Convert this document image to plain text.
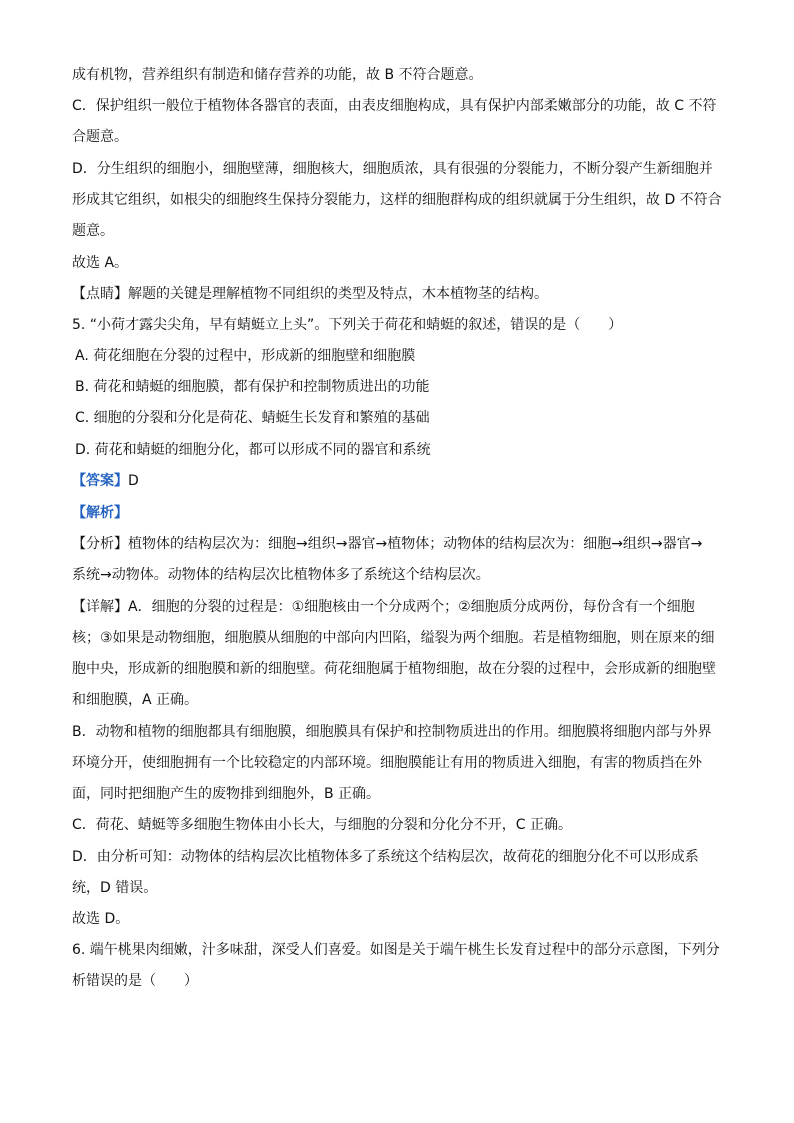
成有机物，营养组织有制造和储存营养的功能，故 B 不符合题意。
C．保护组织一般位于植物体各器官的表面，由表皮细胞构成，具有保护内部柔嫩部分的功能，故 C 不符
合题意。
D．分生组织的细胞小，细胞壁薄，细胞核大，细胞质浓，具有很强的分裂能力，不断分裂产生新细胞并
形成其它组织，如根尖的细胞终生保持分裂能力，这样的细胞群构成的组织就属于分生组织，故 D 不符合
题意。
故选 A。
【点睛】解题的关键是理解植物不同组织的类型及特点，木本植物茎的结构。
5. “小荷才露尖尖角，早有蜻蜓立上头”。下列关于荷花和蜻蜓的叙述，错误的是（　　）
A. 荷花细胞在分裂的过程中，形成新的细胞壁和细胞膜
B. 荷花和蜻蜓的细胞膜，都有保护和控制物质进出的功能
C. 细胞的分裂和分化是荷花、蜻蜓生长发育和繁殖的基础
D. 荷花和蜻蜓的细胞分化，都可以形成不同的器官和系统
【答案】D
【解析】
【分析】植物体的结构层次为：细胞→组织→器官→植物体；动物体的结构层次为：细胞→组织→器官→
系统→动物体。动物体的结构层次比植物体多了系统这个结构层次。
【详解】A．细胞的分裂的过程是：①细胞核由一个分成两个；②细胞质分成两份，每份含有一个细胞
核；③如果是动物细胞，细胞膜从细胞的中部向内凹陷，缢裂为两个细胞。若是植物细胞，则在原来的细
胞中央，形成新的细胞膜和新的细胞壁。荷花细胞属于植物细胞，故在分裂的过程中，会形成新的细胞壁
和细胞膜，A 正确。
B．动物和植物的细胞都具有细胞膜，细胞膜具有保护和控制物质进出的作用。细胞膜将细胞内部与外界
环境分开，使细胞拥有一个比较稳定的内部环境。细胞膜能让有用的物质进入细胞，有害的物质挡在外
面，同时把细胞产生的废物排到细胞外，B 正确。
C．荷花、蜻蜓等多细胞生物体由小长大，与细胞的分裂和分化分不开，C 正确。
D．由分析可知：动物体的结构层次比植物体多了系统这个结构层次，故荷花的细胞分化不可以形成系
统，D 错误。
故选 D。
6. 端午桃果肉细嫩，汁多味甜，深受人们喜爱。如图是关于端午桃生长发育过程中的部分示意图，下列分
析错误的是（　　）
